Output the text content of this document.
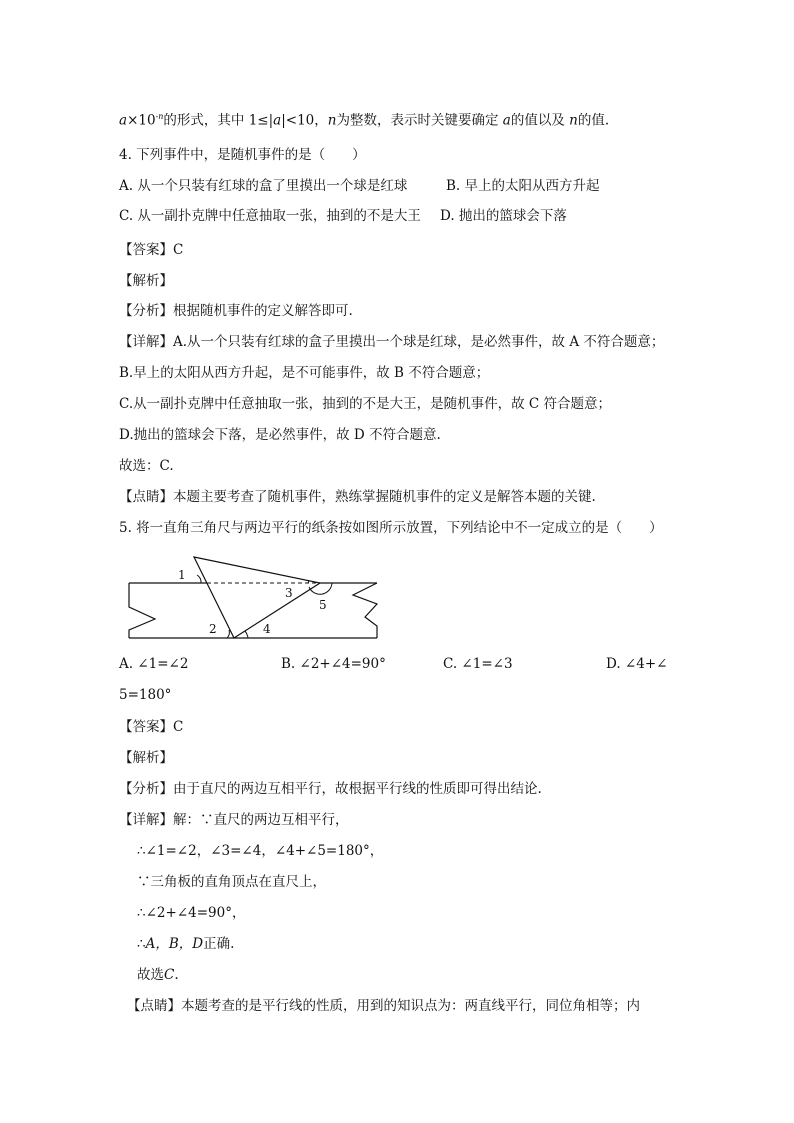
$a\times 10^{-n}$的形式，其中 1≤|a|<10，n为整数，表示时关键要确定 a的值以及 n的值.
4. 下列事件中，是随机事件的是（　　）
A. 从一个只装有红球的盒了里摸出一个球是红球	B. 早上的太阳从西方升起
C. 从一副扑克牌中任意抽取一张，抽到的不是大王 D. 抛出的篮球会下落
【答案】C
【解析】
【分析】根据随机事件的定义解答即可.
【详解】A.从一个只装有红球的盒子里摸出一个球是红球，是必然事件，故 A 不符合题意；
B.早上的太阳从西方升起，是不可能事件，故 B 不符合题意；
C.从一副扑克牌中任意抽取一张，抽到的不是大王，是随机事件，故 C 符合题意；
D.抛出的篮球会下落，是必然事件，故 D 不符合题意.
故选：C.
【点睛】本题主要考查了随机事件，熟练掌握随机事件的定义是解答本题的关键.
5. 将一直角三角尺与两边平行的纸条按如图所示放置，下列结论中不一定成立的是（　　）
1
2
3
4
5
A. ∠1=∠2	B. ∠2+∠4=90°	C. ∠1=∠3	D. ∠4+∠
5=180°
【答案】C
【解析】
【分析】由于直尺的两边互相平行，故根据平行线的性质即可得出结论.
【详解】解：∵直尺的两边互相平行，
∴∠1=∠2，∠3=∠4，∠4+∠5=180°，
∵三角板的直角顶点在直尺上，
∴∠2+∠4=90°，
∴A，B，D正确.
故选C.
【点睛】本题考查的是平行线的性质，用到的知识点为：两直线平行，同位角相等；内
